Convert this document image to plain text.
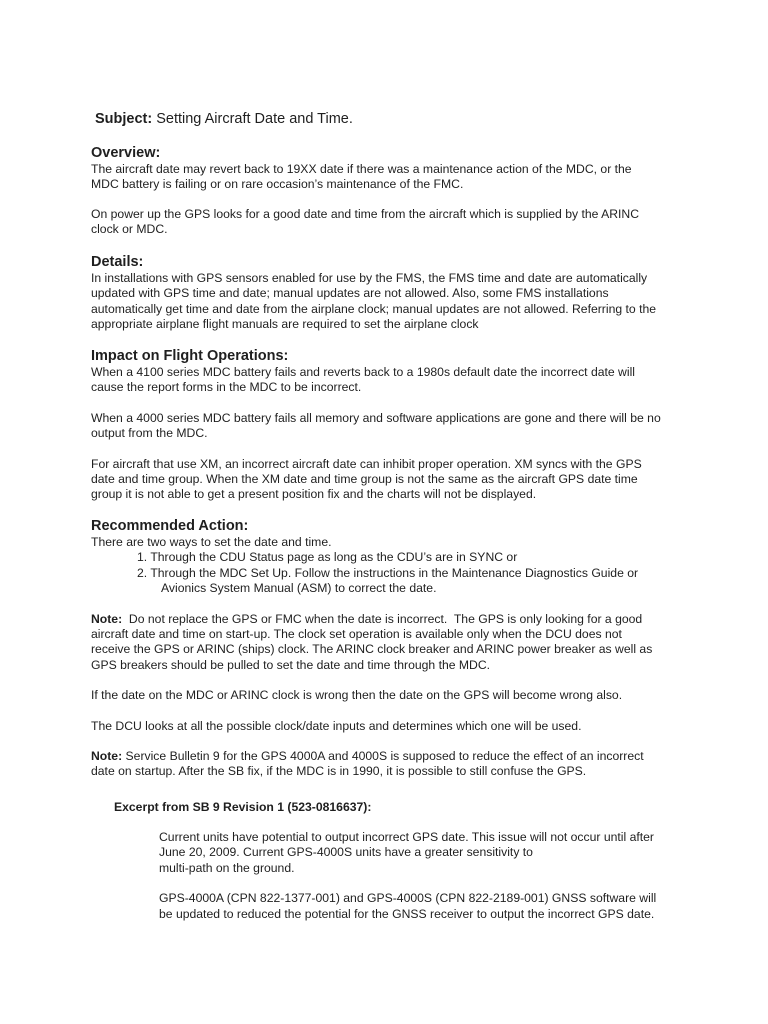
Subject: Setting Aircraft Date and Time.

Overview:

The aircraft date may revert back to 19XX date if there was a maintenance action of the MDC, or the
MDC battery is failing or on rare occasion’s maintenance of the FMC.

On power up the GPS looks for a good date and time from the aircraft which is supplied by the ARINC
clock or MDC.

Details:

In installations with GPS sensors enabled for use by the FMS, the FMS time and date are automatically
updated with GPS time and date; manual updates are not allowed. Also, some FMS installations
automatically get time and date from the airplane clock; manual updates are not allowed. Referring to the
appropriate airplane flight manuals are required to set the airplane clock

Impact on Flight Operations:

When a 4100 series MDC battery fails and reverts back to a 1980s default date the incorrect date will
cause the report forms in the MDC to be incorrect.

When a 4000 series MDC battery fails all memory and software applications are gone and there will be no
output from the MDC.

For aircraft that use XM, an incorrect aircraft date can inhibit proper operation. XM syncs with the GPS
date and time group. When the XM date and time group is not the same as the aircraft GPS date time
group it is not able to get a present position fix and the charts will not be displayed.

Recommended Action:

There are two ways to set the date and time.

1. Through the CDU Status page as long as the CDU’s are in SYNC or
2. Through the MDC Set Up. Follow the instructions in the Maintenance Diagnostics Guide or
Avionics System Manual (ASM) to correct the date.

Note:  Do not replace the GPS or FMC when the date is incorrect.  The GPS is only looking for a good
aircraft date and time on start-up. The clock set operation is available only when the DCU does not
receive the GPS or ARINC (ships) clock. The ARINC clock breaker and ARINC power breaker as well as
GPS breakers should be pulled to set the date and time through the MDC.

If the date on the MDC or ARINC clock is wrong then the date on the GPS will become wrong also.

The DCU looks at all the possible clock/date inputs and determines which one will be used.

Note: Service Bulletin 9 for the GPS 4000A and 4000S is supposed to reduce the effect of an incorrect
date on startup. After the SB fix, if the MDC is in 1990, it is possible to still confuse the GPS.

Excerpt from SB 9 Revision 1 (523-0816637):

Current units have potential to output incorrect GPS date. This issue will not occur until after
June 20, 2009. Current GPS-4000S units have a greater sensitivity to
multi-path on the ground.

GPS-4000A (CPN 822-1377-001) and GPS-4000S (CPN 822-2189-001) GNSS software will
be updated to reduced the potential for the GNSS receiver to output the incorrect GPS date.
